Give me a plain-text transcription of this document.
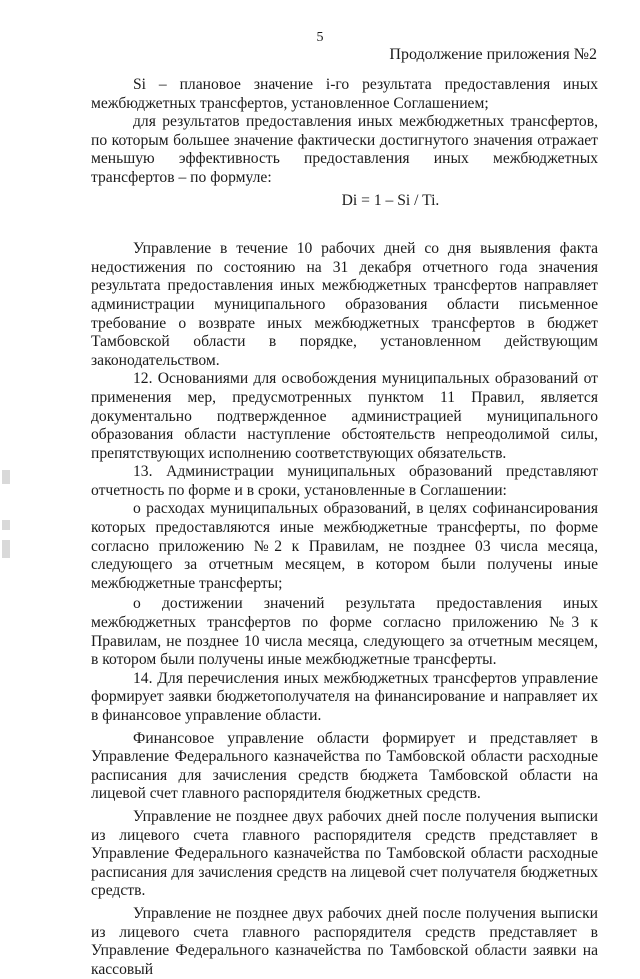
5
Продолжение приложения №2

Si – плановое значение i-го результата предоставления иных межбюджетных трансфертов, установленное Соглашением;

для результатов предоставления иных межбюджетных трансфертов, по которым большее значение фактически достигнутого значения отражает меньшую эффективность предоставления иных межбюджетных трансфертов – по формуле:

Di = 1 – Si / Ti.

Управление в течение 10 рабочих дней со дня выявления факта недостижения по состоянию на 31 декабря отчетного года значения результата предоставления иных межбюджетных трансфертов направляет администрации муниципального образования области письменное требование о возврате иных межбюджетных трансфертов в бюджет Тамбовской области в порядке, установленном действующим законодательством.

12. Основаниями для освобождения муниципальных образований от применения мер, предусмотренных пунктом 11 Правил, является документально подтвержденное администрацией муниципального образования области наступление обстоятельств непреодолимой силы, препятствующих исполнению соответствующих обязательств.

13. Администрации муниципальных образований представляют отчетность по форме и в сроки, установленные в Соглашении:

о расходах муниципальных образований, в целях софинансирования которых предоставляются иные межбюджетные трансферты, по форме согласно приложению №2 к Правилам, не позднее 03 числа месяца, следующего за отчетным месяцем, в котором были получены иные межбюджетные трансферты;

о достижении значений результата предоставления иных межбюджетных трансфертов по форме согласно приложению №3 к Правилам, не позднее 10 числа месяца, следующего за отчетным месяцем, в котором были получены иные межбюджетные трансферты.

14. Для перечисления иных межбюджетных трансфертов управление формирует заявки бюджетополучателя на финансирование и направляет их в финансовое управление области.

Финансовое управление области формирует и представляет в Управление Федерального казначейства по Тамбовской области расходные расписания для зачисления средств бюджета Тамбовской области на лицевой счет главного распорядителя бюджетных средств.

Управление не позднее двух рабочих дней после получения выписки из лицевого счета главного распорядителя средств представляет в Управление Федерального казначейства по Тамбовской области расходные расписания для зачисления средств на лицевой счет получателя бюджетных средств.

Управление не позднее двух рабочих дней после получения выписки из лицевого счета главного распорядителя средств представляет в Управление Федерального казначейства по Тамбовской области заявки на кассовый
